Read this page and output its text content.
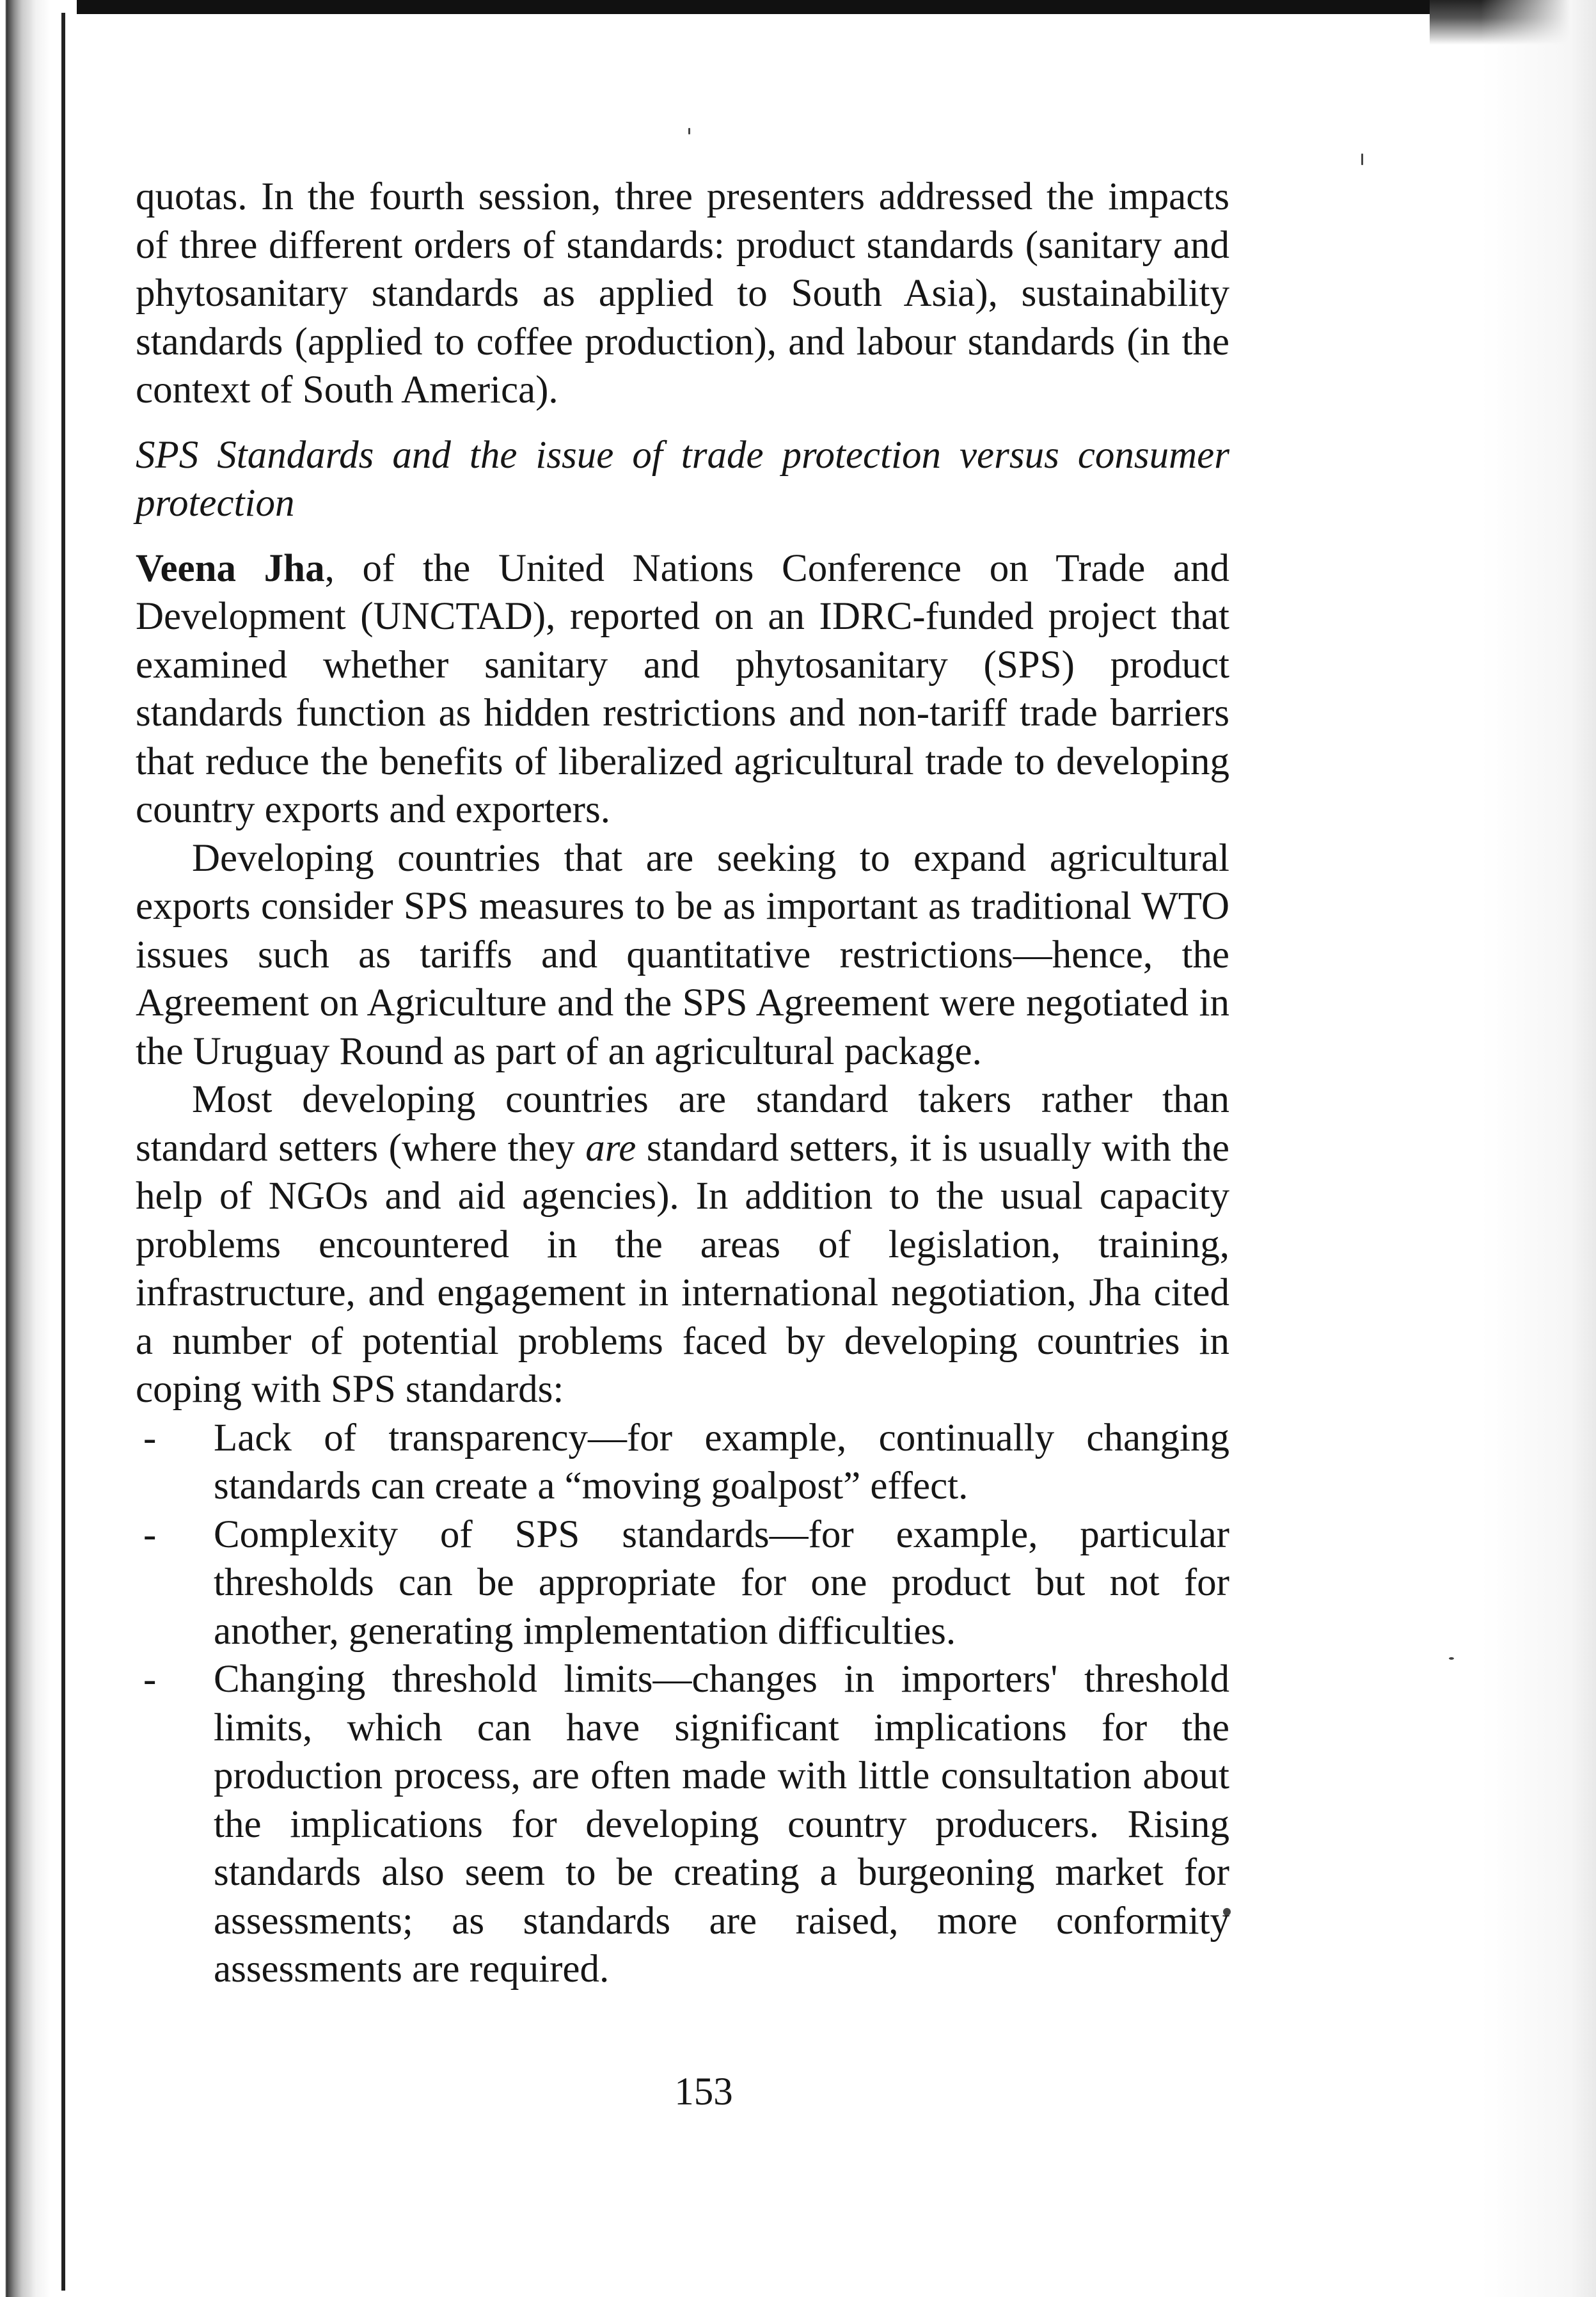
quotas. In the fourth session, three presenters addressed the impacts of three different orders of standards: product standards (sanitary and phytosanitary standards as applied to South Asia), sustainability standards (applied to coffee production), and labour standards (in the context of South America).

SPS Standards and the issue of trade protection versus consumer protection

Veena Jha, of the United Nations Conference on Trade and Development (UNCTAD), reported on an IDRC-funded project that examined whether sanitary and phytosanitary (SPS) product standards function as hidden restrictions and non-tariff trade barriers that reduce the benefits of liberalized agricultural trade to developing country exports and exporters.

Developing countries that are seeking to expand agricultural exports consider SPS measures to be as important as traditional WTO issues such as tariffs and quantitative restrictions—hence, the Agreement on Agriculture and the SPS Agreement were negotiated in the Uruguay Round as part of an agricultural package.

Most developing countries are standard takers rather than standard setters (where they are standard setters, it is usually with the help of NGOs and aid agencies). In addition to the usual capacity problems encountered in the areas of legislation, training, infrastructure, and engagement in international negotiation, Jha cited a number of potential problems faced by developing countries in coping with SPS standards:

- Lack of transparency—for example, continually changing standards can create a “moving goalpost” effect.
- Complexity of SPS standards—for example, particular thresholds can be appropriate for one product but not for another, generating implementation difficulties.
- Changing threshold limits—changes in importers' threshold limits, which can have significant implications for the production process, are often made with little consultation about the implications for developing country producers. Rising standards also seem to be creating a burgeoning market for assessments; as standards are raised, more conformity assessments are required.
153
